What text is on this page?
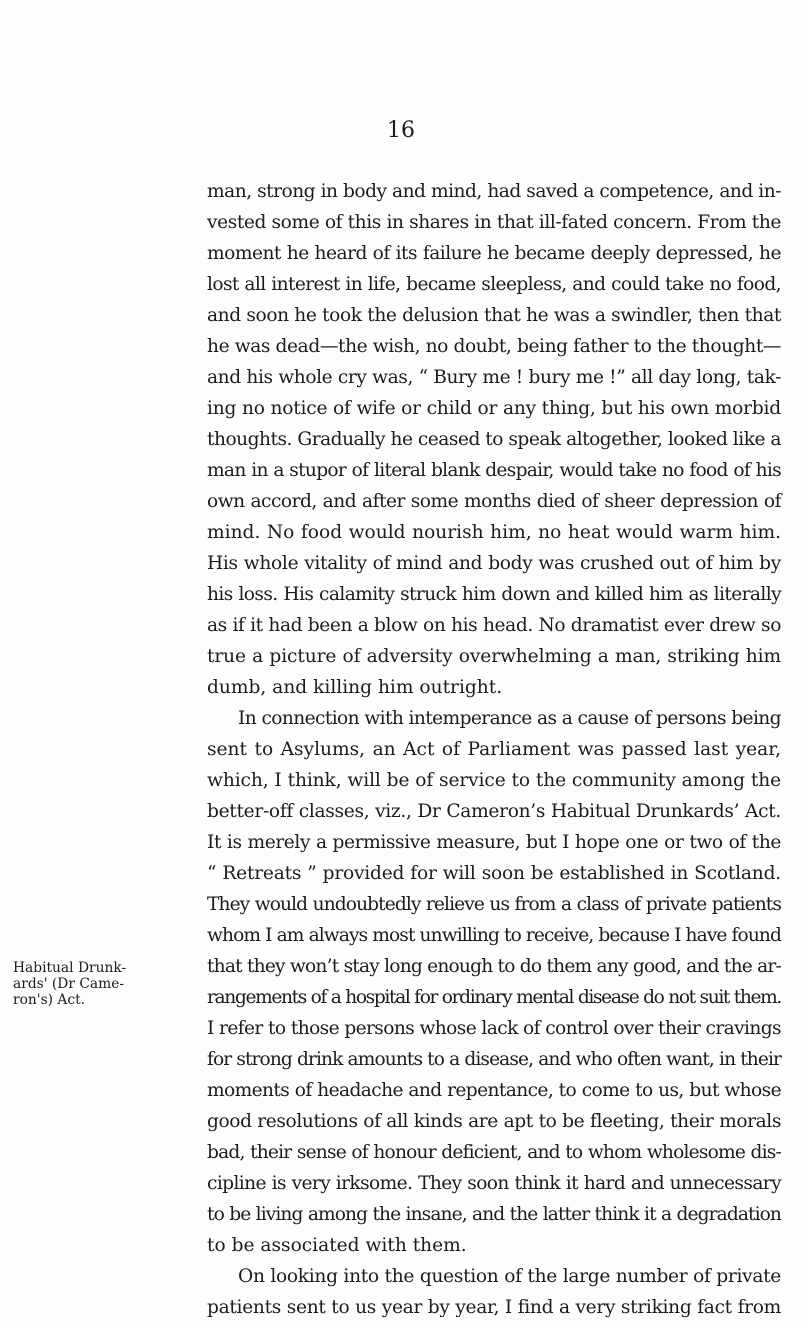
16
Habitual Drunk-
ards' (Dr Came-
ron's) Act.
man, strong in body and mind, had saved a competence, and in-
vested some of this in shares in that ill-fated concern. From the
moment he heard of its failure he became deeply depressed, he
lost all interest in life, became sleepless, and could take no food,
and soon he took the delusion that he was a swindler, then that
he was dead—the wish, no doubt, being father to the thought—
and his whole cry was, “ Bury me ! bury me !” all day long, tak-
ing no notice of wife or child or any thing, but his own morbid
thoughts. Gradually he ceased to speak altogether, looked like a
man in a stupor of literal blank despair, would take no food of his
own accord, and after some months died of sheer depression of
mind. No food would nourish him, no heat would warm him.
His whole vitality of mind and body was crushed out of him by
his loss. His calamity struck him down and killed him as literally
as if it had been a blow on his head. No dramatist ever drew so
true a picture of adversity overwhelming a man, striking him
dumb, and killing him outright.
In connection with intemperance as a cause of persons being
sent to Asylums, an Act of Parliament was passed last year,
which, I think, will be of service to the community among the
better-off classes, viz., Dr Cameron’s Habitual Drunkards’ Act.
It is merely a permissive measure, but I hope one or two of the
“ Retreats ” provided for will soon be established in Scotland.
They would undoubtedly relieve us from a class of private patients
whom I am always most unwilling to receive, because I have found
that they won’t stay long enough to do them any good, and the ar-
rangements of a hospital for ordinary mental disease do not suit them.
I refer to those persons whose lack of control over their cravings
for strong drink amounts to a disease, and who often want, in their
moments of headache and repentance, to come to us, but whose
good resolutions of all kinds are apt to be fleeting, their morals
bad, their sense of honour deficient, and to whom wholesome dis-
cipline is very irksome. They soon think it hard and unnecessary
to be living among the insane, and the latter think it a degradation
to be associated with them.
On looking into the question of the large number of private
patients sent to us year by year, I find a very striking fact from
